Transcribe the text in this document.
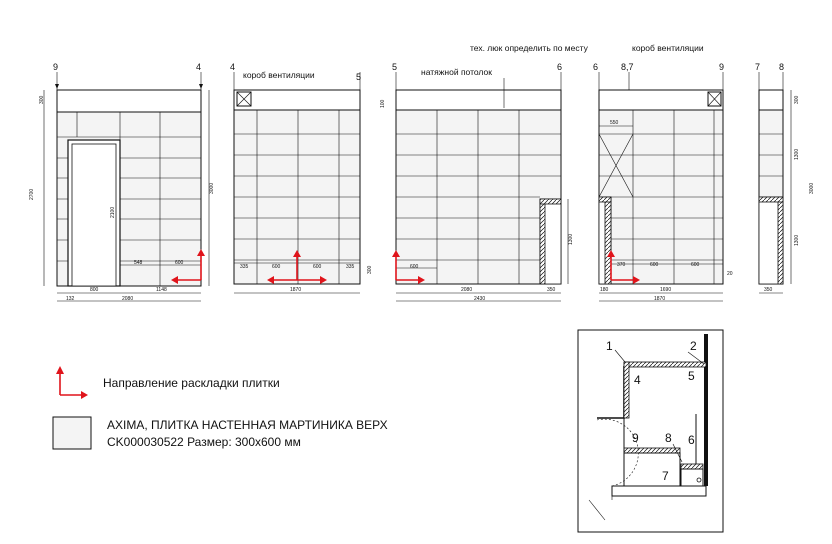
9	4
300
2700
3000
2100
548	600
132
800	1148
2080
4
5
короб вентиляции
335	600	600	335	300
1870
5	6
натяжной потолок
тех. люк определить по месту
1300
100
600
2080	350
2430
6	8,7	9
короб вентиляции
550
370	600	600
20
180	1690
1870
7 8
300
1300
3000
1300
350
Направление раскладки плитки
AXIMA, ПЛИТКА НАСТЕННАЯ МАРТИНИКА ВЕРХ
CK000030522 Размер: 300x600 мм
1	2
4	5
9 8 6
7
